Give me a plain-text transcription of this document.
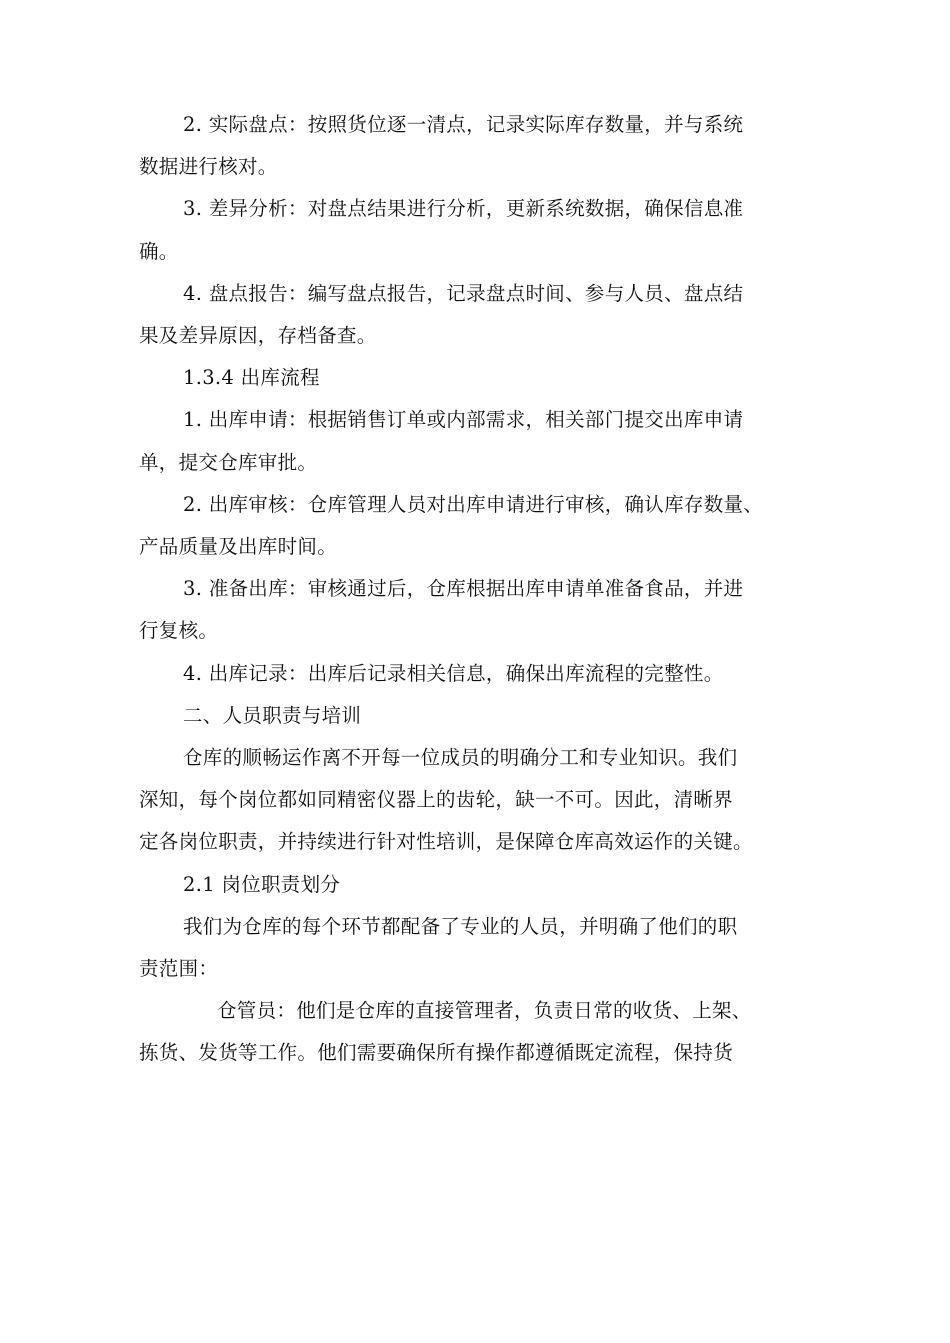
2. 实际盘点：按照货位逐一清点，记录实际库存数量，并与系统
数据进行核对。

3. 差异分析：对盘点结果进行分析，更新系统数据，确保信息准
确。

4. 盘点报告：编写盘点报告，记录盘点时间、参与人员、盘点结
果及差异原因，存档备查。

1.3.4 出库流程

1. 出库申请：根据销售订单或内部需求，相关部门提交出库申请
单，提交仓库审批。

2. 出库审核：仓库管理人员对出库申请进行审核，确认库存数量、
产品质量及出库时间。

3. 准备出库：审核通过后，仓库根据出库申请单准备食品，并进
行复核。

4. 出库记录：出库后记录相关信息，确保出库流程的完整性。

二、人员职责与培训

仓库的顺畅运作离不开每一位成员的明确分工和专业知识。我们
深知，每个岗位都如同精密仪器上的齿轮，缺一不可。因此，清晰界
定各岗位职责，并持续进行针对性培训，是保障仓库高效运作的关键。

2.1 岗位职责划分

我们为仓库的每个环节都配备了专业的人员，并明确了他们的职
责范围：

仓管员：他们是仓库的直接管理者，负责日常的收货、上架、
拣货、发货等工作。他们需要确保所有操作都遵循既定流程，保持货
